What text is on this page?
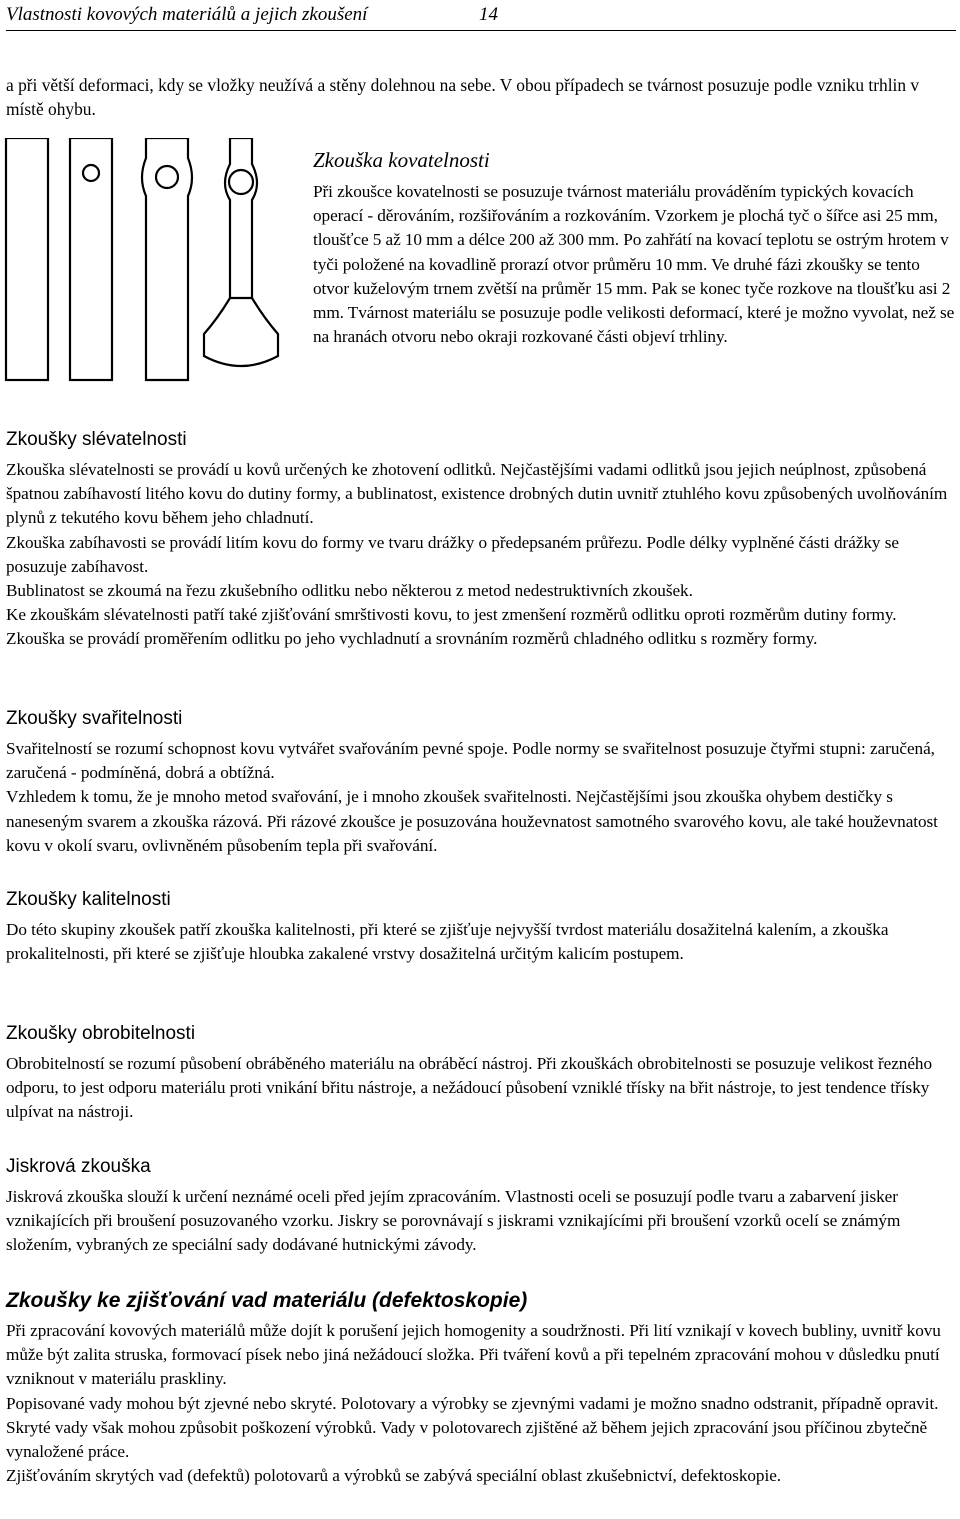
Vlastnosti kovových materiálů a jejich zkoušení	14

a při větší deformaci, kdy se vložky neužívá a stěny dolehnou na sebe. V obou případech se tvárnost posuzuje podle vzniku trhlin v místě ohybu.

Zkouška kovatelnosti

Při zkoušce kovatelnosti se posuzuje tvárnost materiálu prováděním typických kovacích operací - děrováním, rozšiřováním a rozkováním. Vzorkem je plochá tyč o šířce asi 25 mm, tloušťce 5 až 10 mm a délce 200 až 300 mm. Po zahřátí na kovací teplotu se ostrým hrotem v tyči položené na kovadlině prorazí otvor průměru 10 mm. Ve druhé fázi zkoušky se tento otvor kuželovým trnem zvětší na průměr 15 mm. Pak se konec tyče rozkove na tloušťku asi 2 mm. Tvárnost materiálu se posuzuje podle velikosti deformací, které je možno vyvolat, než se na hranách otvoru nebo okraji rozkované části objeví trhliny.

Zkoušky slévatelnosti

Zkouška slévatelnosti se provádí u kovů určených ke zhotovení odlitků. Nejčastějšími vadami odlitků jsou jejich neúplnost, způsobená špatnou zabíhavostí litého kovu do dutiny formy, a bublinatost, existence drobných dutin uvnitř ztuhlého kovu způsobených uvolňováním plynů z tekutého kovu během jeho chladnutí.

Zkouška zabíhavosti se provádí litím kovu do formy ve tvaru drážky o předepsaném průřezu. Podle délky vyplněné části drážky se posuzuje zabíhavost.

Bublinatost se zkoumá na řezu zkušebního odlitku nebo některou z metod nedestruktivních zkoušek.

Ke zkouškám slévatelnosti patří také zjišťování smrštivosti kovu, to jest zmenšení rozměrů odlitku oproti rozměrům dutiny formy. Zkouška se provádí proměřením odlitku po jeho vychladnutí a srovnáním rozměrů chladného odlitku s rozměry formy.

Zkoušky svařitelnosti

Svařitelností se rozumí schopnost kovu vytvářet svařováním pevné spoje. Podle normy se svařitelnost posuzuje čtyřmi stupni: zaručená, zaručená - podmíněná, dobrá a obtížná.

Vzhledem k tomu, že je mnoho metod svařování, je i mnoho zkoušek svařitelnosti. Nejčastějšími jsou zkouška ohybem destičky s naneseným svarem a zkouška rázová. Při rázové zkoušce je posuzována houževnatost samotného svarového kovu, ale také houževnatost kovu v okolí svaru, ovlivněném působením tepla při svařování.

Zkoušky kalitelnosti

Do této skupiny zkoušek patří zkouška kalitelnosti, při které se zjišťuje nejvyšší tvrdost materiálu dosažitelná kalením, a zkouška prokalitelnosti, při které se zjišťuje hloubka zakalené vrstvy dosažitelná určitým kalicím postupem.

Zkoušky obrobitelnosti

Obrobitelností se rozumí působení obráběného materiálu na obráběcí nástroj. Při zkouškách obrobitelnosti se posuzuje velikost řezného odporu, to jest odporu materiálu proti vnikání břitu nástroje, a nežádoucí působení vzniklé třísky na břit nástroje, to jest tendence třísky ulpívat na nástroji.

Jiskrová zkouška

Jiskrová zkouška slouží k určení neznámé oceli před jejím zpracováním. Vlastnosti oceli se posuzují podle tvaru a zabarvení jisker vznikajících při broušení posuzovaného vzorku. Jiskry se porovnávají s jiskrami vznikajícími při broušení vzorků ocelí se známým složením, vybraných ze speciální sady dodávané hutnickými závody.

Zkoušky ke zjišťování vad materiálu (defektoskopie)

Při zpracování kovových materiálů může dojít k porušení jejich homogenity a soudržnosti. Při lití vznikají v kovech bubliny, uvnitř kovu může být zalita struska, formovací písek nebo jiná nežádoucí složka. Při tváření kovů a při tepelném zpracování mohou v důsledku pnutí vzniknout v materiálu praskliny.

Popisované vady mohou být zjevné nebo skryté. Polotovary a výrobky se zjevnými vadami je možno snadno odstranit, případně opravit. Skryté vady však mohou způsobit poškození výrobků. Vady v polotovarech zjištěné až během jejich zpracování jsou příčinou zbytečně vynaložené práce.

Zjišťováním skrytých vad (defektů) polotovarů a výrobků se zabývá speciální oblast zkušebnictví, defektoskopie.
